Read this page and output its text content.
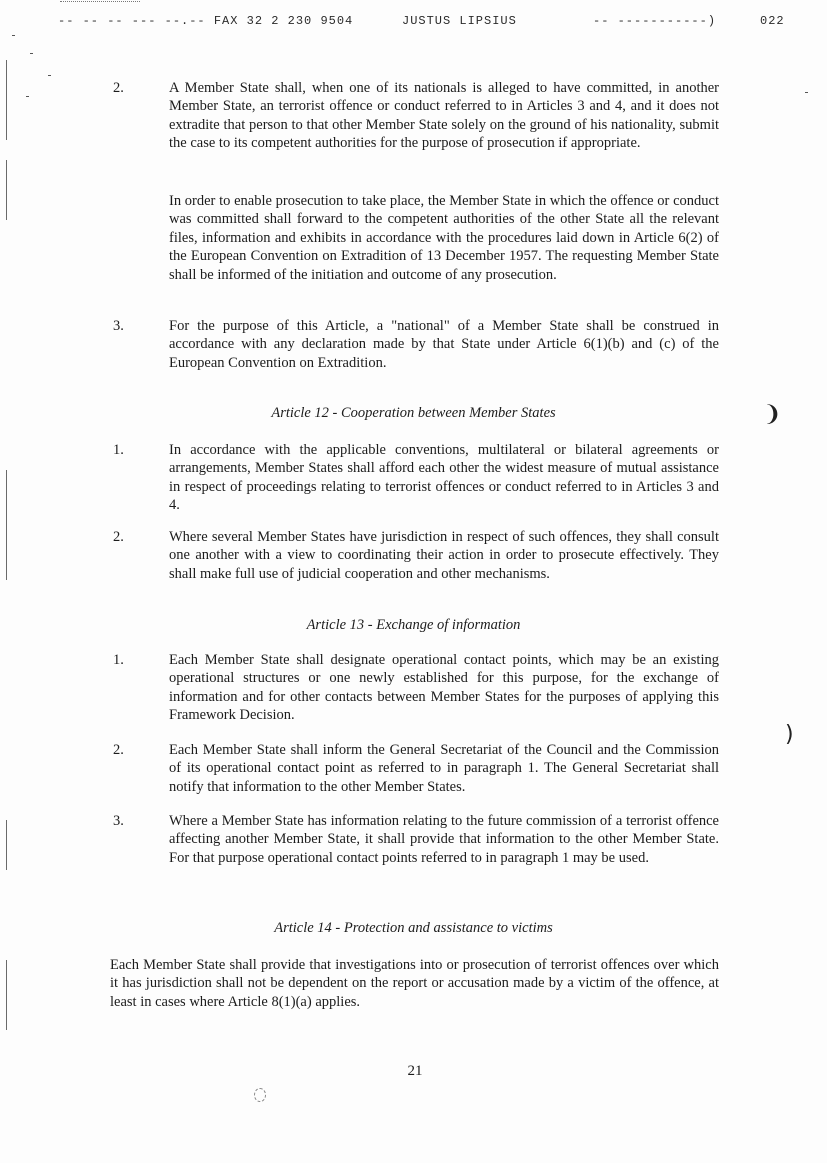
-- -- -- --- --.-- FAX 32 2 230 9504	JUSTUS LIPSIUS	-- -----------)	022
2.	A Member State shall, when one of its nationals is alleged to have committed, in another Member State, an terrorist offence or conduct referred to in Articles 3 and 4, and it does not extradite that person to that other Member State solely on the ground of his nationality, submit the case to its competent authorities for the purpose of prosecution if appropriate.

In order to enable prosecution to take place, the Member State in which the offence or conduct was committed shall forward to the competent authorities of the other State all the relevant files, information and exhibits in accordance with the procedures laid down in Article 6(2) of the European Convention on Extradition of 13 December 1957. The requesting Member State shall be informed of the initiation and outcome of any prosecution.

3.	For the purpose of this Article, a "national" of a Member State shall be construed in accordance with any declaration made by that State under Article 6(1)(b) and (c) of the European Convention on Extradition.

Article 12 - Cooperation between Member States	❩
1.	In accordance with the applicable conventions, multilateral or bilateral agreements or arrangements, Member States shall afford each other the widest measure of mutual assistance in respect of proceedings relating to terrorist offences or conduct referred to in Articles 3 and 4.

2.	Where several Member States have jurisdiction in respect of such offences, they shall consult one another with a view to coordinating their action in order to prosecute effectively. They shall make full use of judicial cooperation and other mechanisms.

Article 13 - Exchange of information

1.	Each Member State shall designate operational contact points, which may be an existing operational structures or one newly established for this purpose, for the exchange of information and for other contacts between Member States for the purposes of applying this Framework Decision.

2.	Each Member State shall inform the General Secretariat of the Council and the Commission of its operational contact point as referred to in paragraph 1. The General Secretariat shall notify that information to the other Member States.

)
3.	Where a Member State has information relating to the future commission of a terrorist offence affecting another Member State, it shall provide that information to the other Member State. For that purpose operational contact points referred to in paragraph 1 may be used.

Article 14 - Protection and assistance to victims

Each Member State shall provide that investigations into or prosecution of terrorist offences over which it has jurisdiction shall not be dependent on the report or accusation made by a victim of the offence, at least in cases where Article 8(1)(a) applies.

21
